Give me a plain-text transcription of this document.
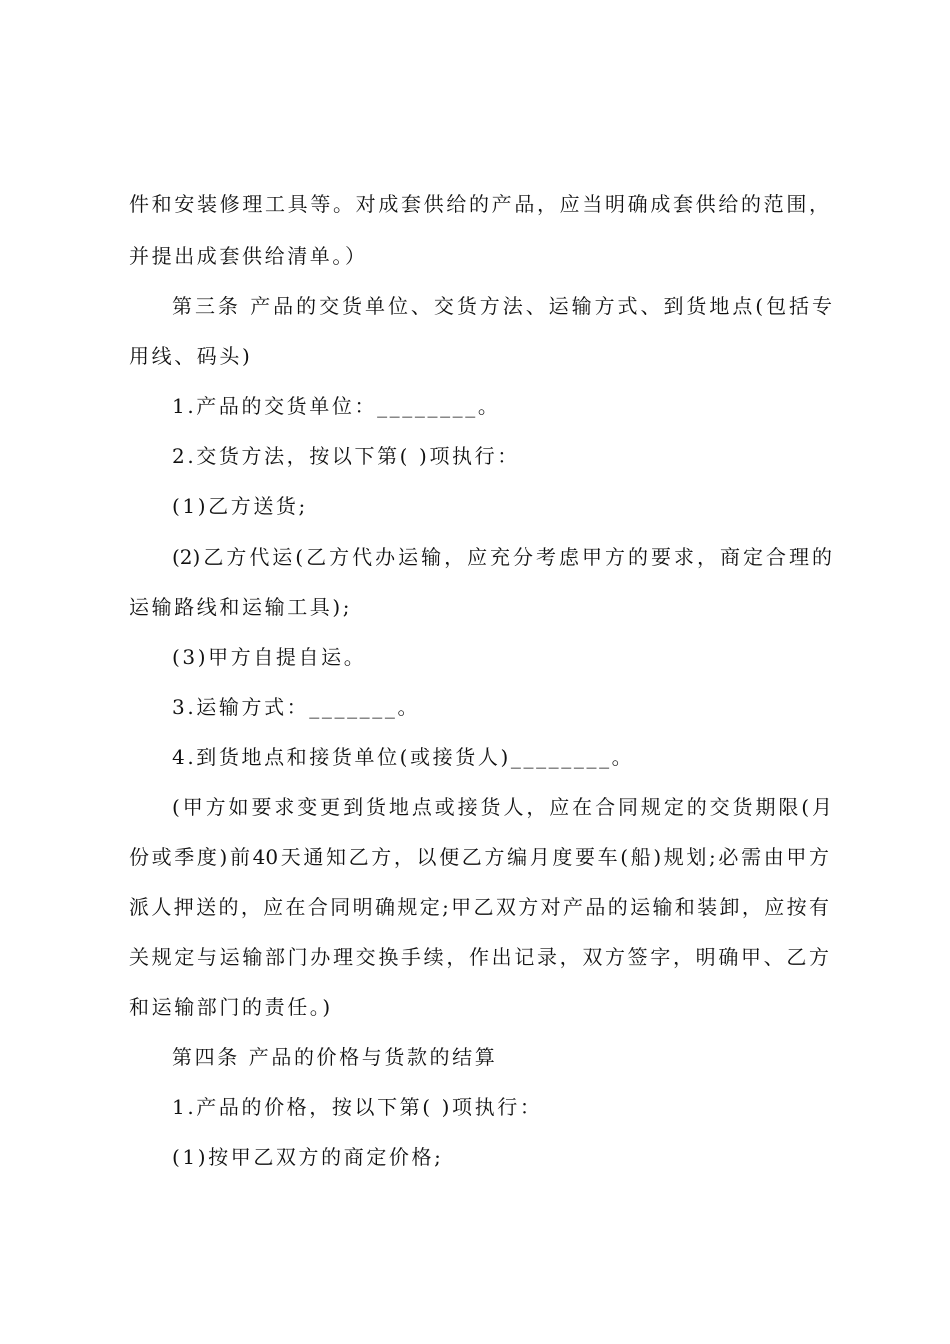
件和安装修理工具等。对成套供给的产品，应当明确成套供给的范围，
并提出成套供给清单。）
第三条 产品的交货单位、交货方法、运输方式、到货地点(包括专
用线、码头)
1.产品的交货单位：________。
2.交货方法，按以下第( )项执行：
(1)乙方送货;
(2)乙方代运(乙方代办运输，应充分考虑甲方的要求，商定合理的
运输路线和运输工具);
(3)甲方自提自运。
3.运输方式：_______。
4.到货地点和接货单位(或接货人)________。
(甲方如要求变更到货地点或接货人，应在合同规定的交货期限(月
份或季度)前40天通知乙方，以便乙方编月度要车(船)规划;必需由甲方
派人押送的，应在合同明确规定;甲乙双方对产品的运输和装卸，应按有
关规定与运输部门办理交换手续，作出记录，双方签字，明确甲、乙方
和运输部门的责任。)
第四条 产品的价格与货款的结算
1.产品的价格，按以下第( )项执行：
(1)按甲乙双方的商定价格;
